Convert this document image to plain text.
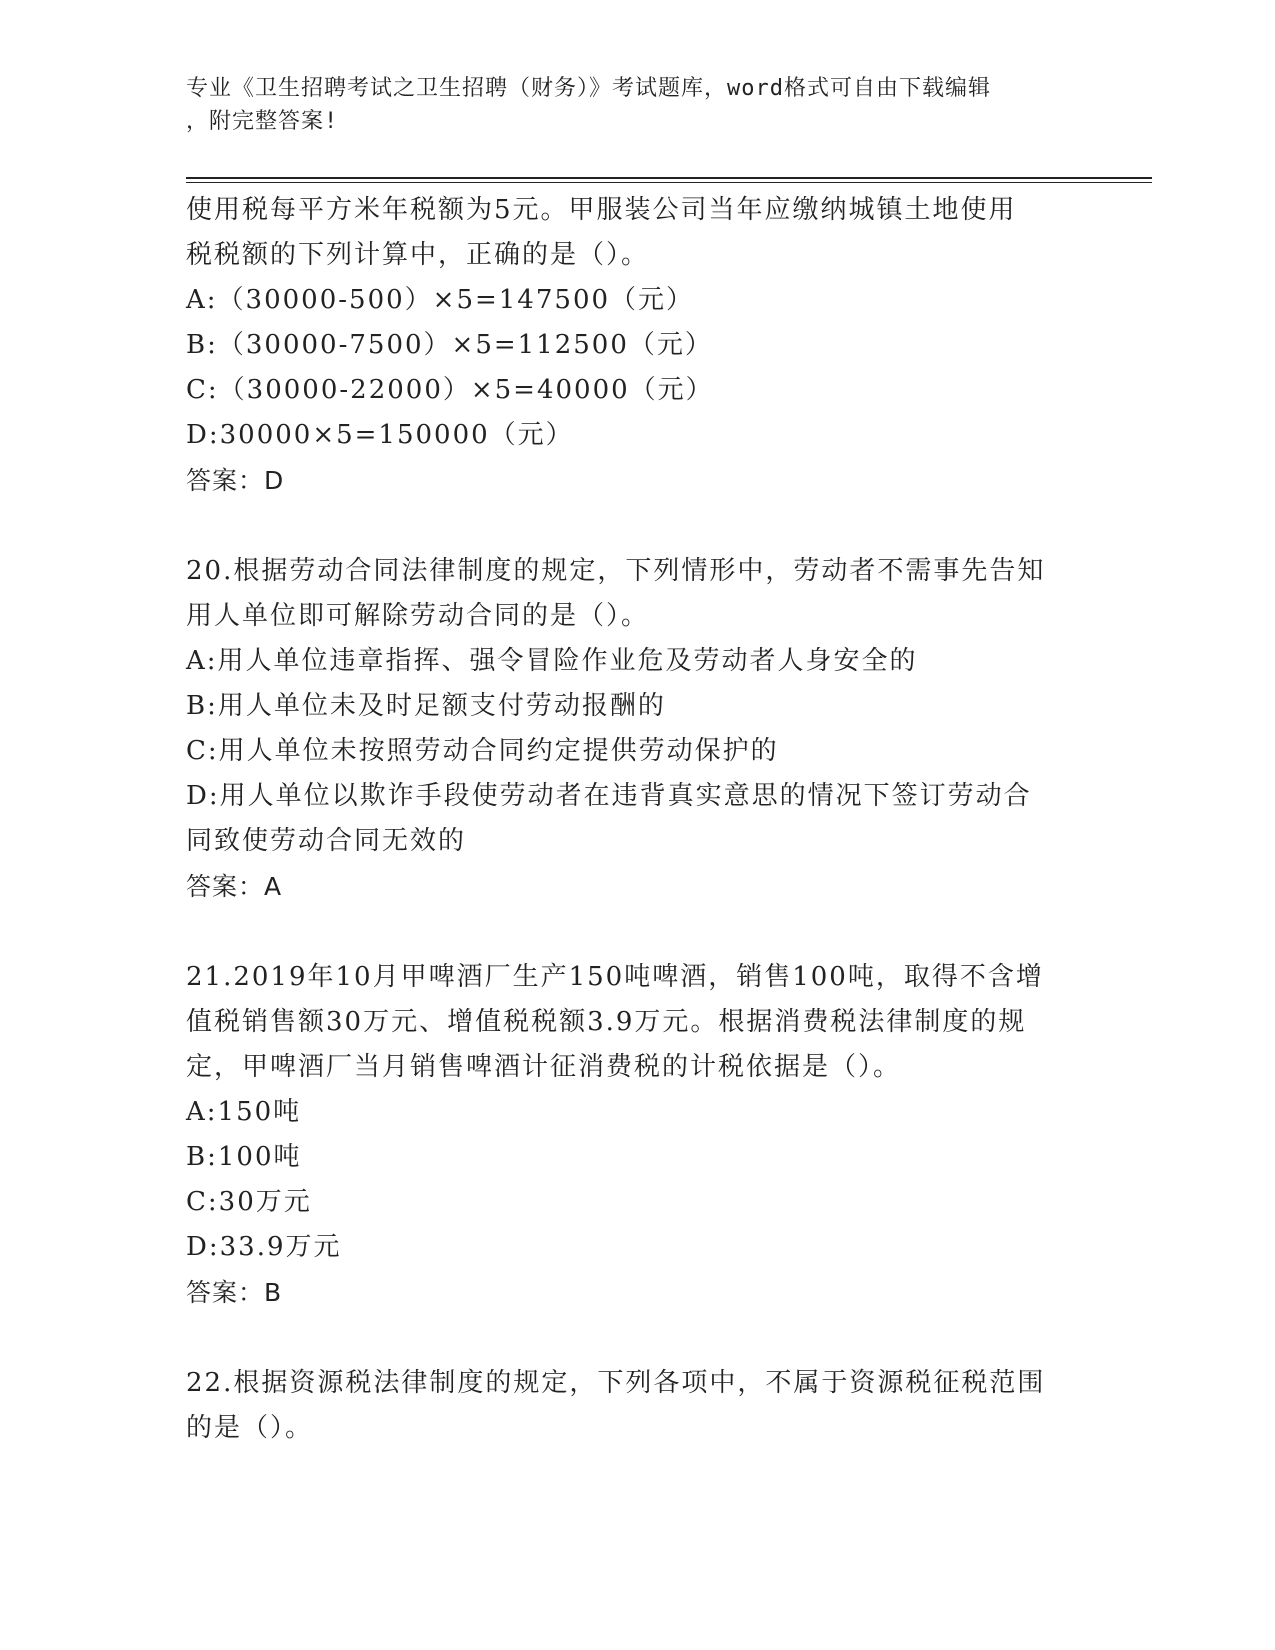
专业《卫生招聘考试之卫生招聘（财务）》考试题库，word格式可自由下载编辑
，附完整答案!
使用税每平方米年税额为5元。甲服装公司当年应缴纳城镇土地使用
税税额的下列计算中，正确的是（）。
A:（30000-500）×5=147500（元）
B:（30000-7500）×5=112500（元）
C:（30000-22000）×5=40000（元）
D:30000×5=150000（元）
答案：D
20.根据劳动合同法律制度的规定，下列情形中，劳动者不需事先告知
用人单位即可解除劳动合同的是（）。
A:用人单位违章指挥、强令冒险作业危及劳动者人身安全的
B:用人单位未及时足额支付劳动报酬的
C:用人单位未按照劳动合同约定提供劳动保护的
D:用人单位以欺诈手段使劳动者在违背真实意思的情况下签订劳动合
同致使劳动合同无效的
答案：A
21.2019年10月甲啤酒厂生产150吨啤酒，销售100吨，取得不含增
值税销售额30万元、增值税税额3.9万元。根据消费税法律制度的规
定，甲啤酒厂当月销售啤酒计征消费税的计税依据是（）。
A:150吨
B:100吨
C:30万元
D:33.9万元
答案：B
22.根据资源税法律制度的规定，下列各项中，不属于资源税征税范围
的是（）。
